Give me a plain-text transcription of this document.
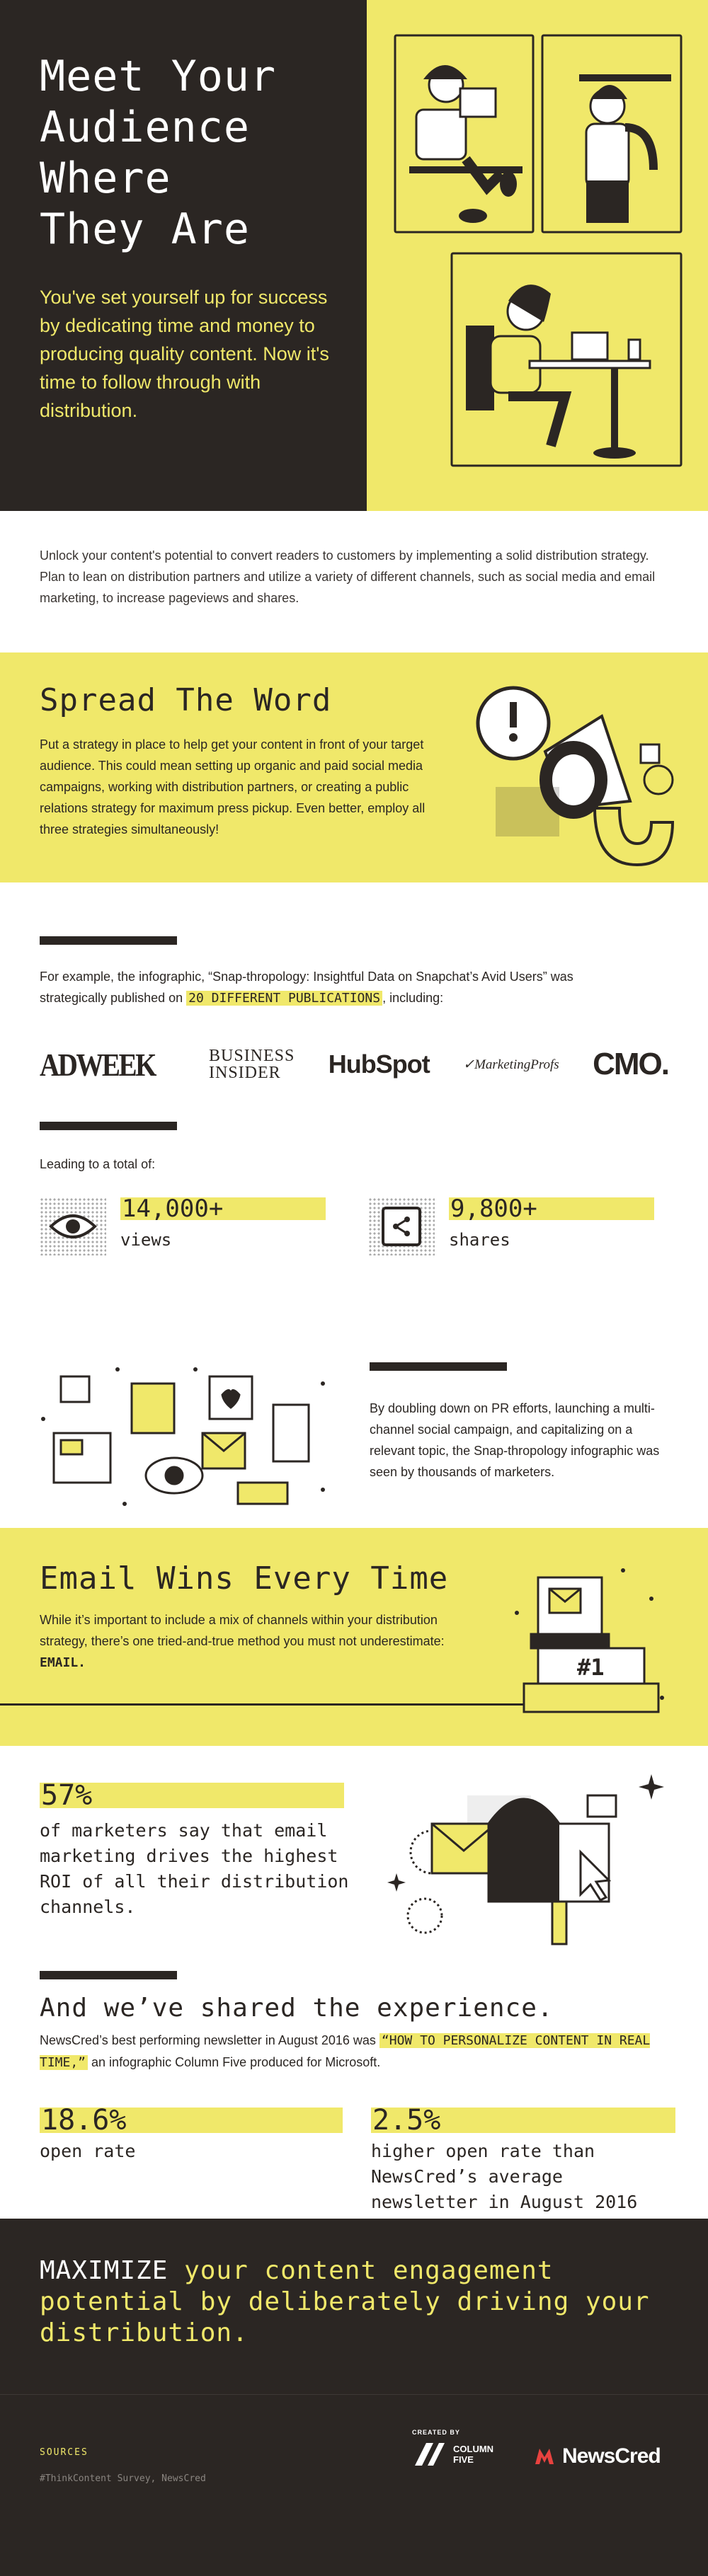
Meet Your
Audience
Where
They Are

You've set yourself up for success by dedicating time and money to producing quality content. Now it's time to follow through with distribution.

Unlock your content's potential to convert readers to customers by implementing a solid distribution strategy. Plan to lean on distribution partners and utilize a variety of different channels, such as social media and email marketing, to increase pageviews and shares.

Spread The Word

Put a strategy in place to help get your content in front of your target audience. This could mean setting up organic and paid social media campaigns, working with distribution partners, or creating a public relations strategy for maximum press pickup. Even better, employ all three strategies simultaneously!

For example, the infographic, “Snap-thropology: Insightful Data on Snapchat’s Avid Users” was strategically published on 20 DIFFERENT PUBLICATIONS , including:

ADWEEK	BUSINESS
INSIDER	HubSpot ✓MarketingProfs CMO.

Leading to a total of:

14,000+
views
9,800+
shares

By doubling down on PR efforts, launching a multi-channel social campaign, and capitalizing on a relevant topic, the Snap-thropology infographic was seen by thousands of marketers.

Email Wins Every Time

While it’s important to include a mix of channels within your distribution strategy, there’s one tried-and-true method you must not underestimate: EMAIL.	#1
57%

of marketers say that email marketing drives the highest ROI of all their distribution channels.

And we’ve shared the experience.

NewsCred’s best performing newsletter in August 2016 was “HOW TO PERSONALIZE CONTENT IN REAL TIME,” an infographic Column Five produced for Microsoft.

18.6%
open rate
2.5%
higher open rate than NewsCred’s average newsletter in August 2016

MAXIMIZE your content engagement potential by deliberately driving your distribution.

SOURCES
#ThinkContent Survey, NewsCred
CREATED BY
COLUMN
FIVE	NewsCred
